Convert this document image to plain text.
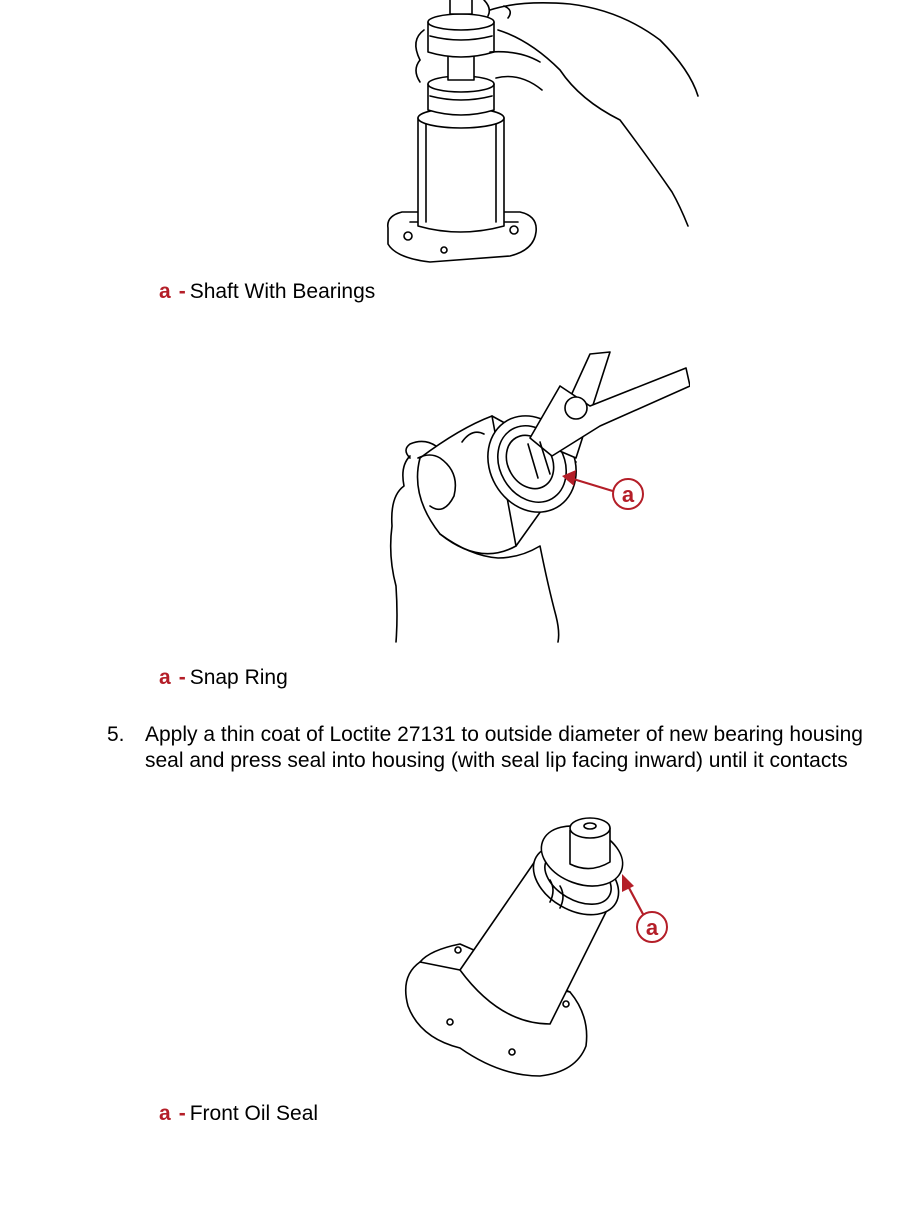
a - Shaft With Bearings
a
a - Snap Ring
5. Apply a thin coat of Loctite 27131 to outside diameter of new bearing housing
seal and press seal into housing (with seal lip facing inward) until it contacts
a
a - Front Oil Seal
